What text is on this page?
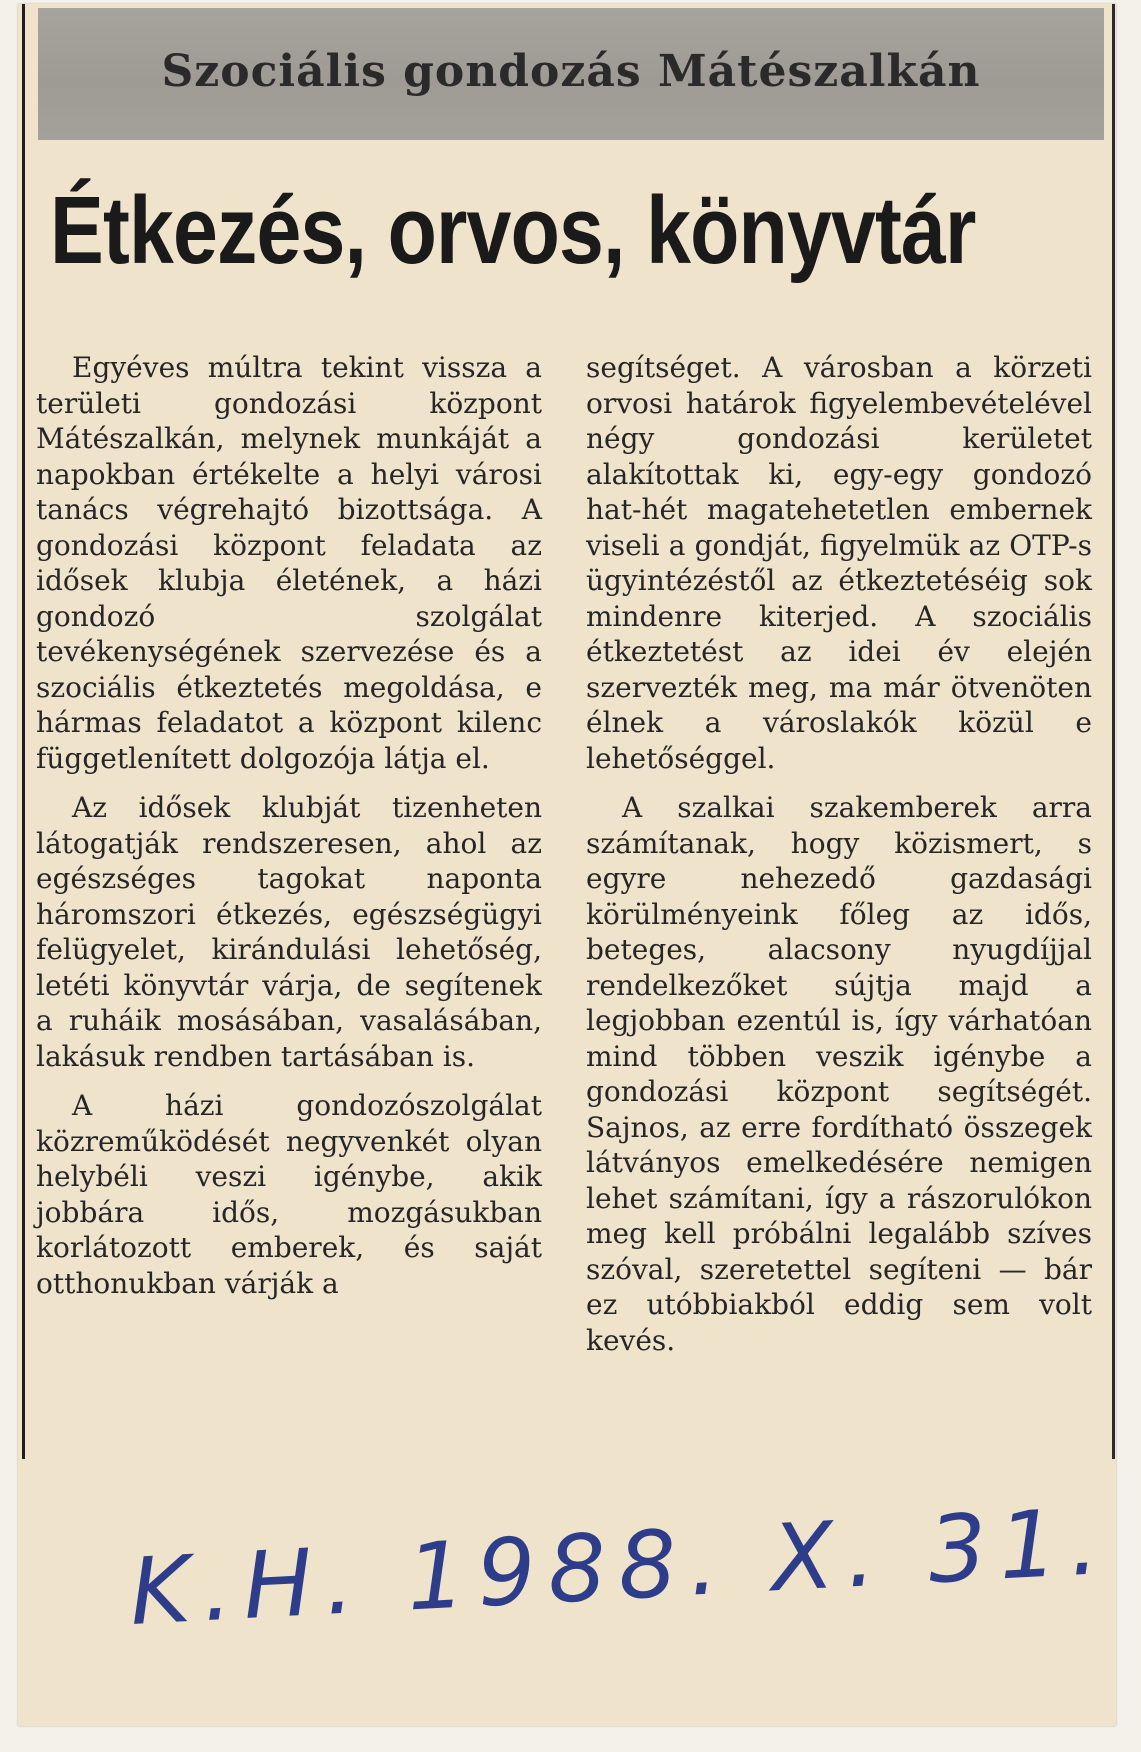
Szociális gondozás Mátészalkán
Étkezés, orvos, könyvtár

Egyéves múltra tekint vissza a területi gondozási központ Mátészalkán, melynek munkáját a napokban értékelte a helyi városi tanács végrehajtó bizottsága. A gondozási központ feladata az idősek klubja életének, a házi gondozó szolgálat tevékenységének szervezése és a szociális étkeztetés megoldása, e hármas feladatot a központ kilenc függetlenített dolgozója látja el.

Az idősek klubját tizenheten látogatják rendszeresen, ahol az egészséges tagokat naponta háromszori étkezés, egészségügyi felügyelet, kirándulási lehetőség, letéti könyvtár várja, de segítenek a ruháik mosásában, vasalásában, lakásuk rendben tartásában is.

A házi gondozószolgálat közreműködését negyvenkét olyan helybéli veszi igénybe, akik jobbára idős, mozgásukban korlátozott emberek, és saját otthonukban várják a

segítséget. A városban a körzeti orvosi határok figyelembevételével négy gondozási kerületet alakítottak ki, egy-egy gondozó hat-hét magatehetetlen embernek viseli a gondját, figyelmük az OTP-s ügyintézéstől az étkeztetéséig sok mindenre kiterjed. A szociális étkeztetést az idei év elején szervezték meg, ma már ötvenöten élnek a városlakók közül e lehetőséggel.

A szalkai szakemberek arra számítanak, hogy közismert, s egyre nehezedő gazdasági körülményeink főleg az idős, beteges, alacsony nyugdíjjal rendelkezőket sújtja majd a legjobban ezentúl is, így várhatóan mind többen veszik igénybe a gondozási központ segítségét. Sajnos, az erre fordítható összegek látványos emelkedésére nemigen lehet számítani, így a rászorulókon meg kell próbálni legalább szíves szóval, szeretettel segíteni — bár ez utóbbiakból eddig sem volt kevés.

K.H. 1988. X. 31.
